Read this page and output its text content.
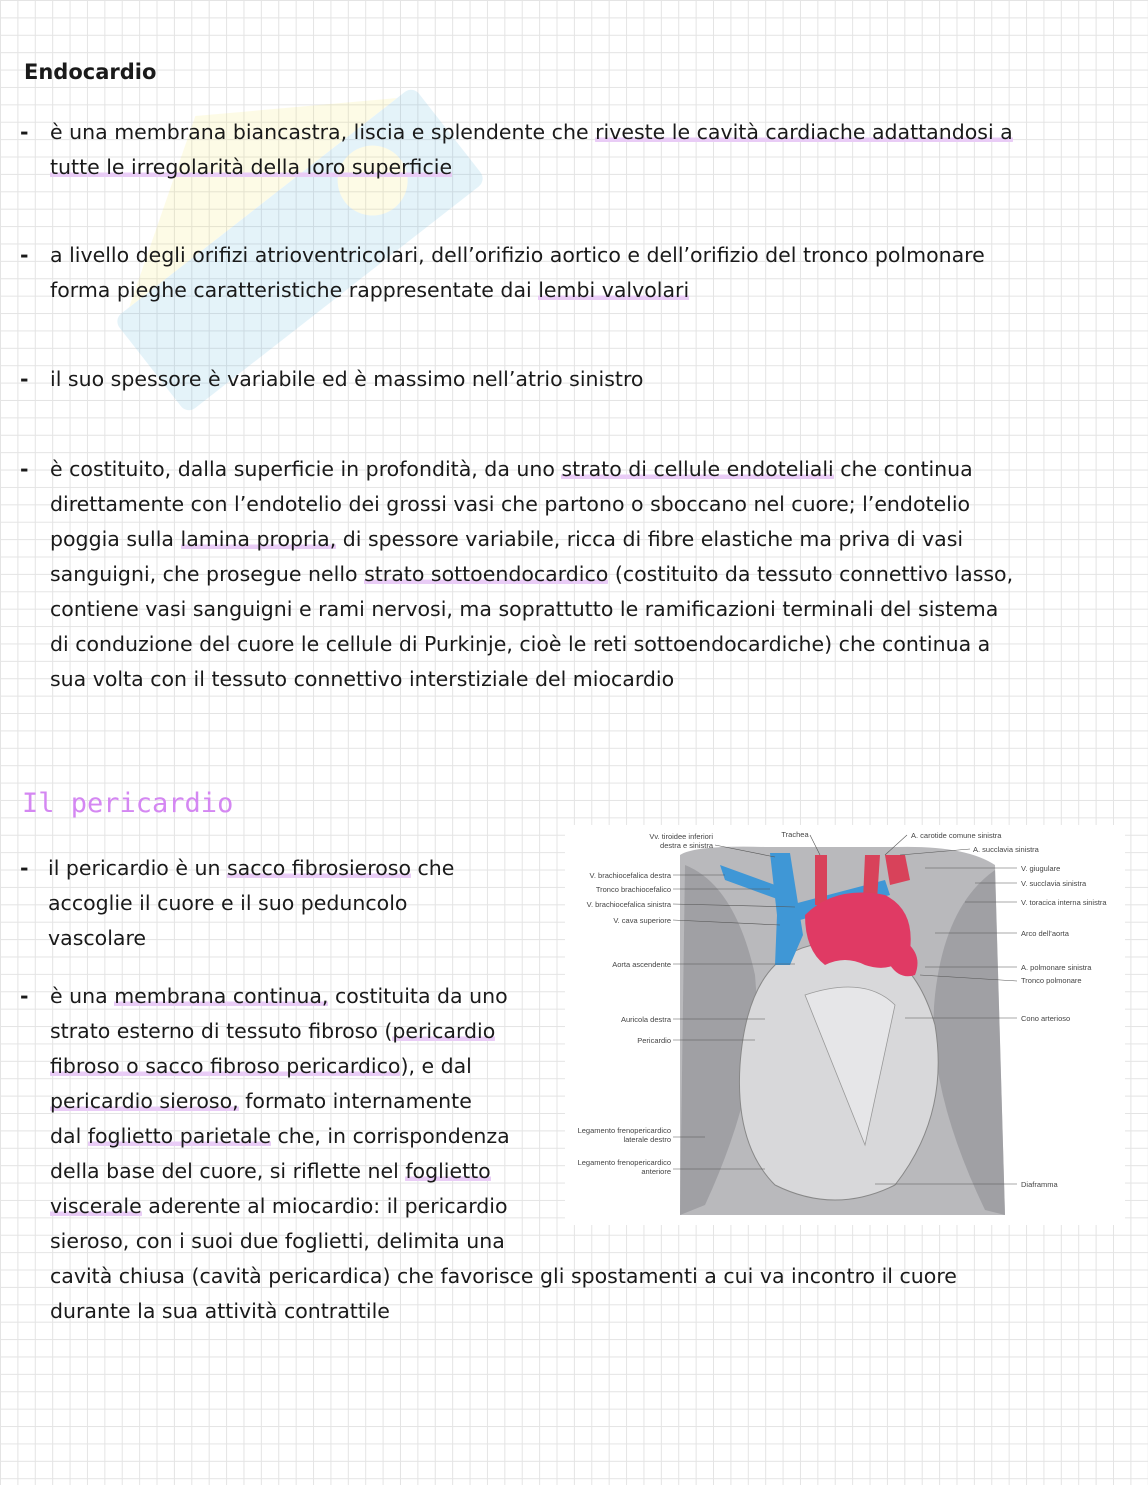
Endocardio
- è una membrana biancastra, liscia e splendente che riveste le cavità cardiache adattandosi a
tutte le irregolarità della loro superficie
- a livello degli orifizi atrioventricolari, dell’orifizio aortico e dell’orifizio del tronco polmonare
forma pieghe caratteristiche rappresentate dai lembi valvolari
- il suo spessore è variabile ed è massimo nell’atrio sinistro
- è costituito, dalla superficie in profondità, da uno strato di cellule endoteliali che continua
direttamente con l’endotelio dei grossi vasi che partono o sboccano nel cuore; l’endotelio
poggia sulla lamina propria, di spessore variabile, ricca di fibre elastiche ma priva di vasi
sanguigni, che prosegue nello strato sottoendocardico (costituito da tessuto connettivo lasso,
contiene vasi sanguigni e rami nervosi, ma soprattutto le ramificazioni terminali del sistema
di conduzione del cuore le cellule di Purkinje, cioè le reti sottoendocardiche) che continua a
sua volta con il tessuto connettivo interstiziale del miocardio
Il pericardio
- il pericardio è un sacco fibrosieroso che
accoglie il cuore e il suo peduncolo
vascolare
- è una membrana continua, costituita da uno
strato esterno di tessuto fibroso (pericardio
fibroso o sacco fibroso pericardico), e dal
pericardio sieroso, formato internamente
dal foglietto parietale che, in corrispondenza
della base del cuore, si riflette nel foglietto
viscerale aderente al miocardio: il pericardio
sieroso, con i suoi due foglietti, delimita una
cavità chiusa (cavità pericardica) che favorisce gli spostamenti a cui va incontro il cuore
durante la sua attività contrattile
Vv. tiroidee inferiori
destra e sinistra
V. brachiocefalica destra
Tronco brachiocefalico
V. brachiocefalica sinistra
V. cava superiore
Aorta ascendente
Auricola destra
Pericardio
Legamento frenopericardico
laterale destro
Legamento frenopericardico
anteriore
Trachea	A. carotide comune sinistra
A. succlavia sinistra
V. giugulare
V. succlavia sinistra
V. toracica interna sinistra
Arco dell’aorta
A. polmonare sinistra
Tronco polmonare
Cono arterioso
Diaframma
